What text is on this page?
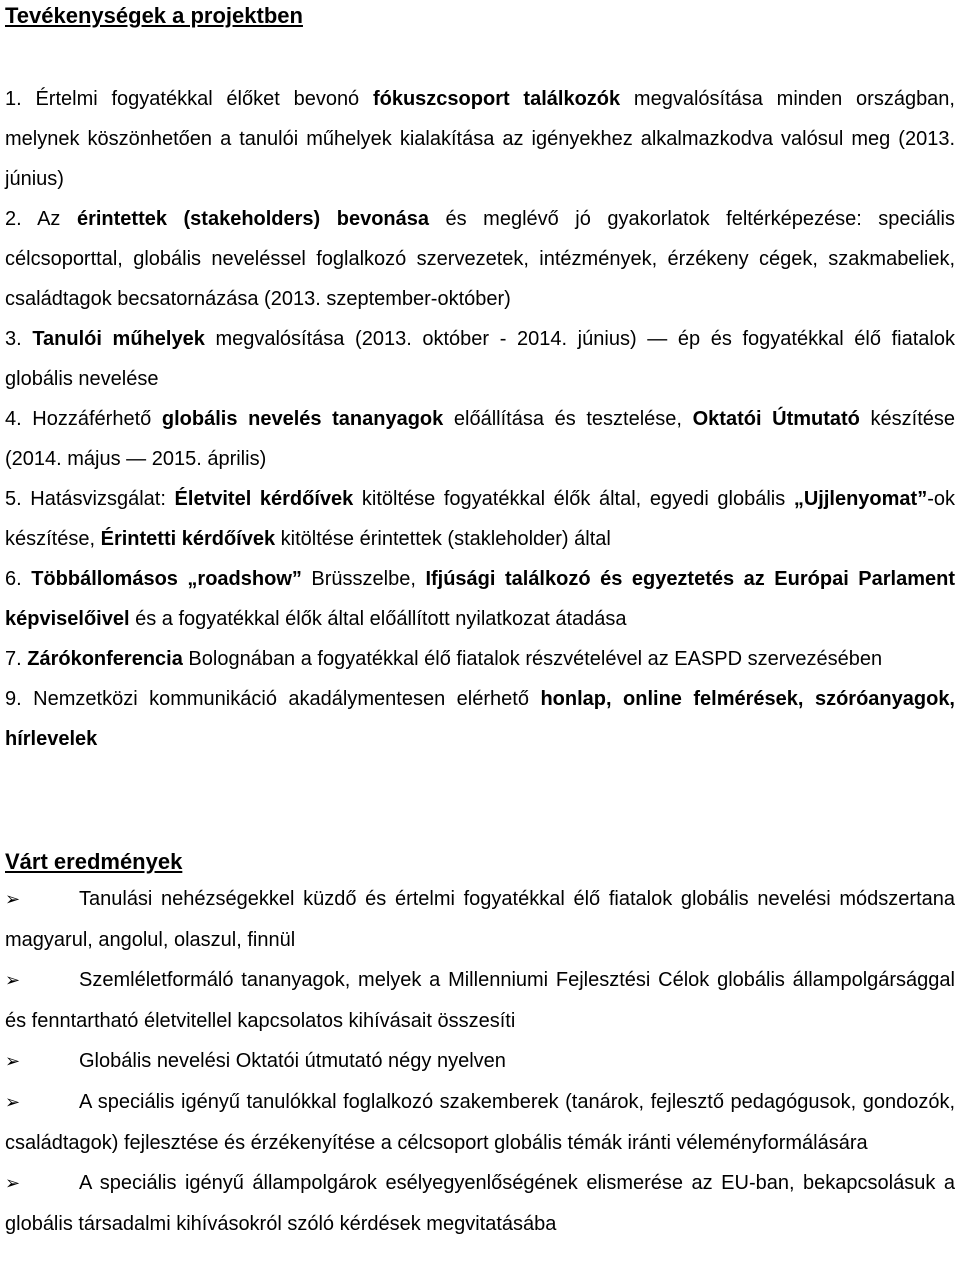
Tevékenységek a projektben

1. Értelmi fogyatékkal élőket bevonó fókuszcsoport találkozók megvalósítása minden országban, melynek köszönhetően a tanulói műhelyek kialakítása az igényekhez alkalmazkodva valósul meg (2013. június)

2. Az érintettek (stakeholders) bevonása és meglévő jó gyakorlatok feltérképezése: speciális célcsoporttal, globális neveléssel foglalkozó szervezetek, intézmények, érzékeny cégek, szakmabeliek, családtagok becsatornázása (2013. szeptember-október)

3. Tanulói műhelyek megvalósítása (2013. október - 2014. június) — ép és fogyatékkal élő fiatalok globális nevelése

4. Hozzáférhető globális nevelés tananyagok előállítása és tesztelése, Oktatói Útmutató készítése (2014. május — 2015. április)

5. Hatásvizsgálat: Életvitel kérdőívek kitöltése fogyatékkal élők által, egyedi globális „Ujjlenyomat”-ok készítése, Érintetti kérdőívek kitöltése érintettek (stakleholder) által

6. Többállomásos „roadshow” Brüsszelbe, Ifjúsági találkozó és egyeztetés az Európai Parlament képviselőivel és a fogyatékkal élők által előállított nyilatkozat átadása

7. Zárókonferencia Bolognában a fogyatékkal élő fiatalok részvételével az EASPD szervezésében

9. Nemzetközi kommunikáció akadálymentesen elérhető honlap, online felmérések, szóróanyagok, hírlevelek

Várt eredmények

➢	Tanulási nehézségekkel küzdő és értelmi fogyatékkal élő fiatalok globális nevelési módszertana magyarul, angolul, olaszul, finnül

➢	Szemléletformáló tananyagok, melyek a Millenniumi Fejlesztési Célok globális állampolgársággal és fenntartható életvitellel kapcsolatos kihívásait összesíti

➢	Globális nevelési Oktatói útmutató négy nyelven

➢	A speciális igényű tanulókkal foglalkozó szakemberek (tanárok, fejlesztő pedagógusok, gondozók, családtagok) fejlesztése és érzékenyítése a célcsoport globális témák iránti véleményformálására

➢	A speciális igényű állampolgárok esélyegyenlőségének elismerése az EU-ban, bekapcsolásuk a globális társadalmi kihívásokról szóló kérdések megvitatásába
